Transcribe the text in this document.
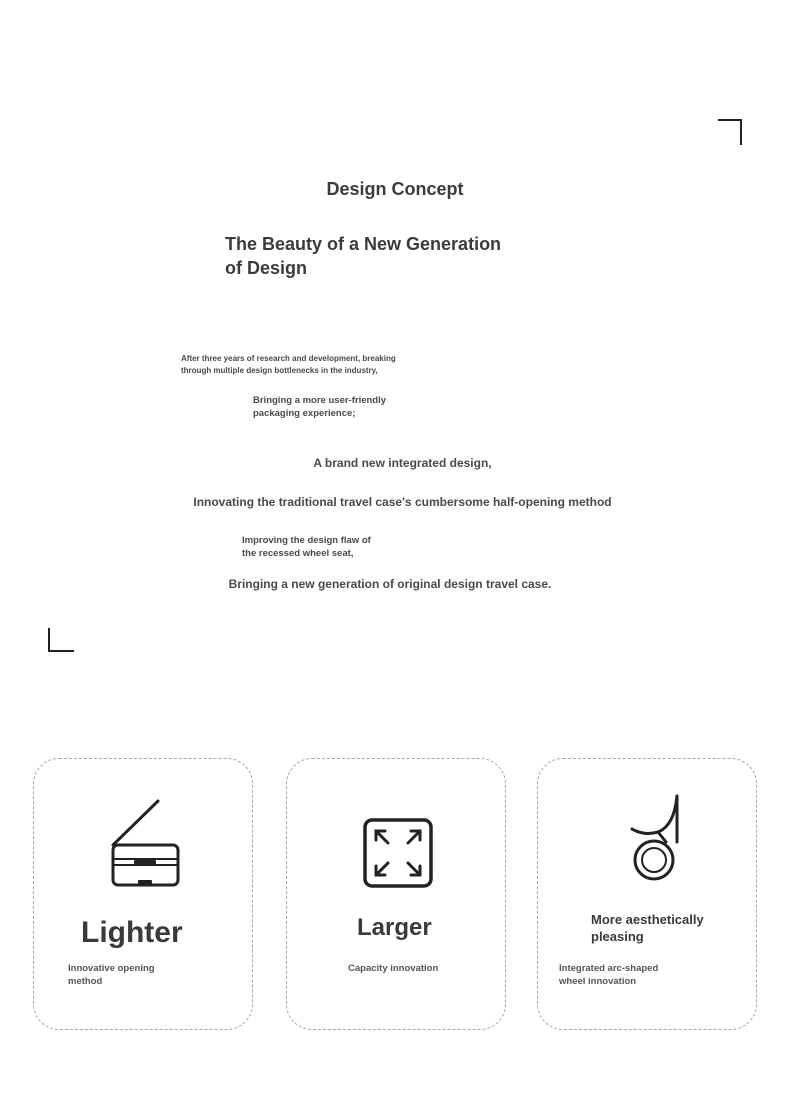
Design Concept
The Beauty of a New Generation
of Design
After three years of research and development, breaking
through multiple design bottlenecks in the industry,
Bringing a more user-friendly
packaging experience;
A brand new integrated design,
Innovating the traditional travel case's cumbersome half-opening method
Improving the design flaw of
the recessed wheel seat,
Bringing a new generation of original design travel case.
Lighter
Innovative opening
method
Larger
Capacity innovation
More aesthetically
pleasing
Integrated arc-shaped
wheel innovation
